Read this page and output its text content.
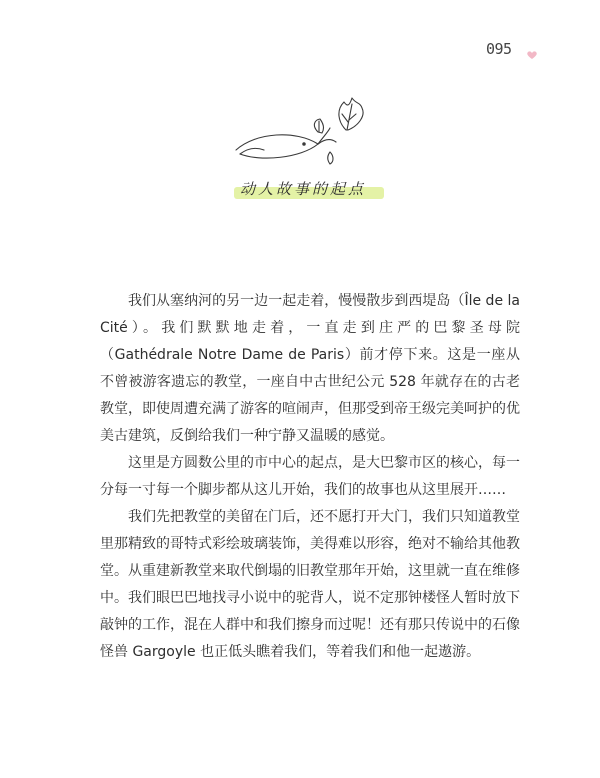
095
动人故事的起点

我们从塞纳河的另一边一起走着，慢慢散步到西堤岛（Île de la Cité）。我们默默地走着，一直走到庄严的巴黎圣母院（Gathédrale Notre Dame de Paris）前才停下来。这是一座从不曾被游客遗忘的教堂，一座自中古世纪公元 528 年就存在的古老教堂，即使周遭充满了游客的喧闹声，但那受到帝王级完美呵护的优美古建筑，反倒给我们一种宁静又温暖的感觉。

这里是方圆数公里的市中心的起点，是大巴黎市区的核心，每一分每一寸每一个脚步都从这儿开始，我们的故事也从这里展开……

我们先把教堂的美留在门后，还不愿打开大门，我们只知道教堂里那精致的哥特式彩绘玻璃装饰，美得难以形容，绝对不输给其他教堂。从重建新教堂来取代倒塌的旧教堂那年开始，这里就一直在维修中。我们眼巴巴地找寻小说中的驼背人，说不定那钟楼怪人暂时放下敲钟的工作，混在人群中和我们擦身而过呢！还有那只传说中的石像怪兽 Gargoyle 也正低头瞧着我们，等着我们和他一起遨游。
